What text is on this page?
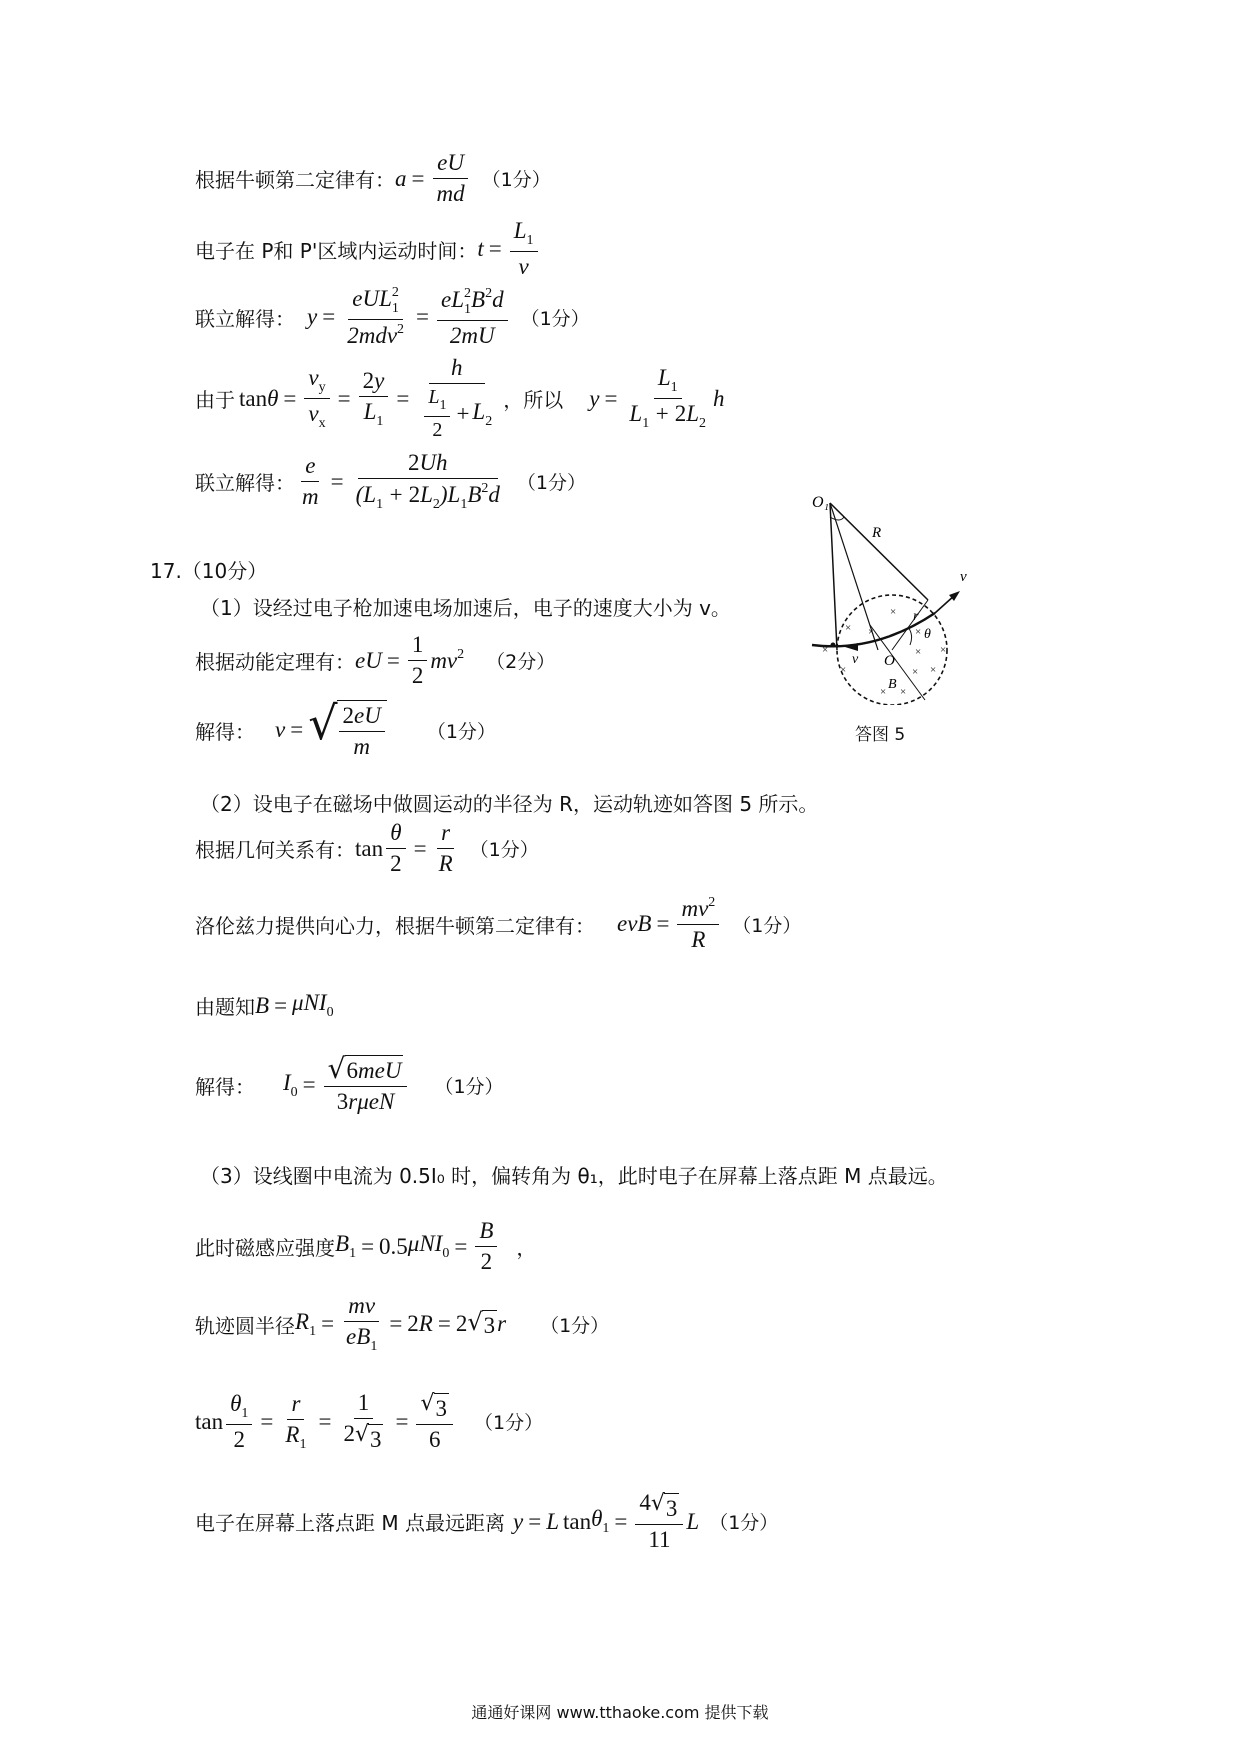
根据牛顿第二定律有： $a = \frac{eU}{md} (1$分）
电子在 P和 P'区域内运动时间： $t = \frac{L_1}{v}$
联立解得： $y = \frac{eUL_1^2}{2mdv^2} = \frac{eL_1^2B^2d}{2mU} (1$分）
由于 $\tan \theta = \frac{v_y}{v_x} = \frac{2y}{L_1} = \frac{h}{\frac{L_1}{2} + L_2}$ ，所以 $y = \frac{L_1}{L_1 + 2L_2}$ h
联立解得： $\frac{e}{m} = \frac{2Uh}{(L_1 + 2L_2)L_1B^2d} (1$分）
17.（10分）
（1）设经过电子枪加速电场加速后，电子的速度大小为 v。
根据动能定理有： eU = $\frac{1}{2} mv^2$ （2分）
解得： v = √ $\frac{2eU}{m} (1$分）
×
×
×
×
×	×
×
×
×
×
×
×
O₁
R
r
θ
v
v O
B
答图 5
（2）设电子在磁场中做圆运动的半径为 R，运动轨迹如答图 5 所示。
根据几何关系有： $\tan \frac{\theta}{2} = \frac{r}{R} (1$分）
洛伦兹力提供向心力，根据牛顿第二定律有： evB = $\frac{mv^2}{R} (1$分）
由题知 B = μNI$_0$
解得： $I_0 = \frac{\text{√ 6meU}}{\text{3rμeN}} (1$分）
（3）设线圈中电流为 0.5I₀ 时，偏转角为 θ₁，此时电子在屏幕上落点距 M 点最远。
此时磁感应强度 $B_1 = 0.5$ $\mu NI_0 = \frac{B}{2}$ ，
轨迹圆半径 $R_1 = \frac{mv}{eB_1} = 2$ R = 2 √ 3 r （1分）
$\tan \frac{\theta_1}{2} = \frac{r}{R_1} = \frac{1}{2 √ 3} = \frac{√ 3}{6} (1$分）
电子在屏幕上落点距 M 点最远距离 y = L $\tan \theta_1 = \frac{4 √ 3}{11}$ L （1分）
通通好课网 www.tthaoke.com 提供下载
